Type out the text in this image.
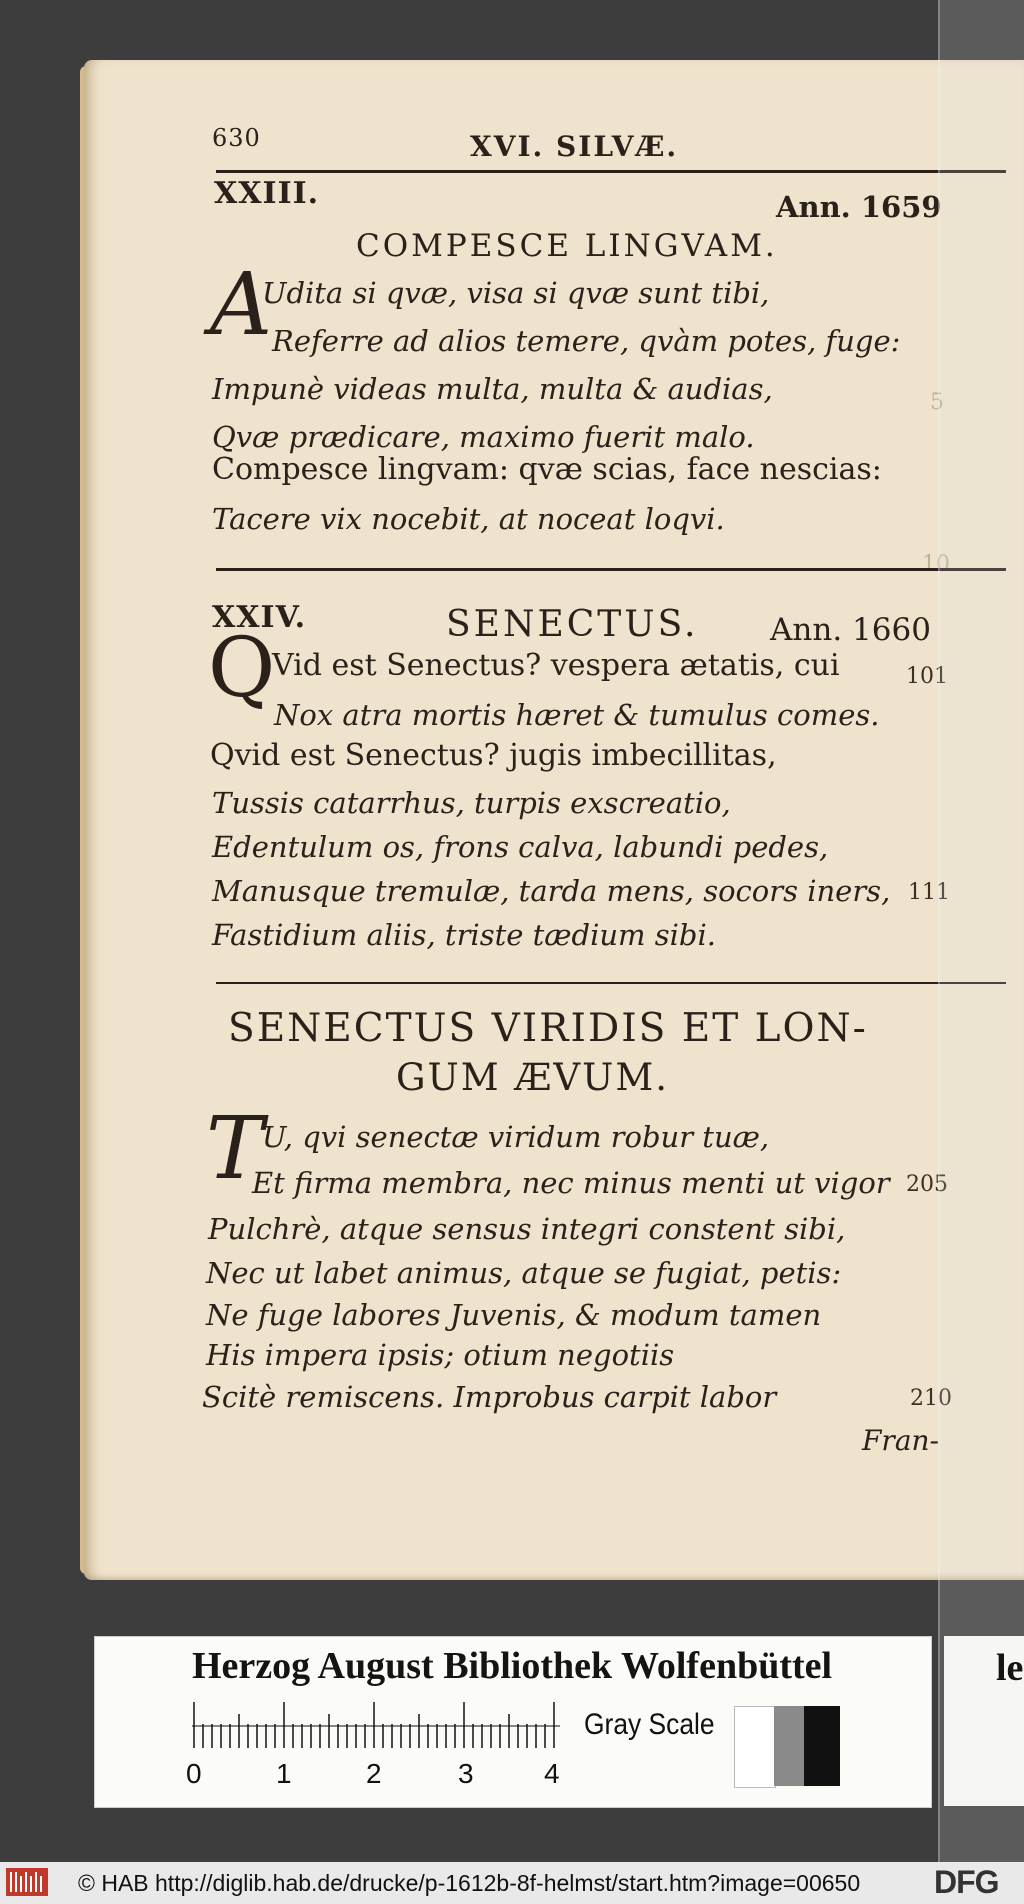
630	XVI. SILVÆ.
XXIII.	Ann. 1659
COMPESCE LINGVAM.
A
Udita si qvæ, visa si qvæ sunt tibi,
Referre ad alios temere, qvàm potes, fuge:
Impunè videas multa, multa & audias,
Qvæ prædicare, maximo fuerit malo.
Compesce lingvam: qvæ scias, face nescias:
Tacere vix nocebit, at noceat loqvi.
5
10
XXIV.	SENECTUS. Ann. 1660
Q
Vid est Senectus? vespera ætatis, cui
Nox atra mortis hæret & tumulus comes.
Qvid est Senectus? jugis imbecillitas,
Tussis catarrhus, turpis exscreatio,
Edentulum os, frons calva, labundi pedes,
Manusque tremulæ, tarda mens, socors iners,
Fastidium aliis, triste tædium sibi.
101
111
SENECTUS VIRIDIS ET LON-
GUM ÆVUM.
T
U, qvi senectæ viridum robur tuæ,
Et firma membra, nec minus menti ut vigor
Pulchrè, atque sensus integri constent sibi,
Nec ut labet animus, atque se fugiat, petis:
Ne fuge labores Juvenis, & modum tamen
His impera ipsis; otium negotiis
Scitè remiscens. Improbus carpit labor
205
210
Fran-
Herzog August Bibliothek Wolfenbüttel	le
0	1	2	3	4
Gray Scale
© HAB http://diglib.hab.de/drucke/p-1612b-8f-helmst/start.htm?image=00650 DFG
